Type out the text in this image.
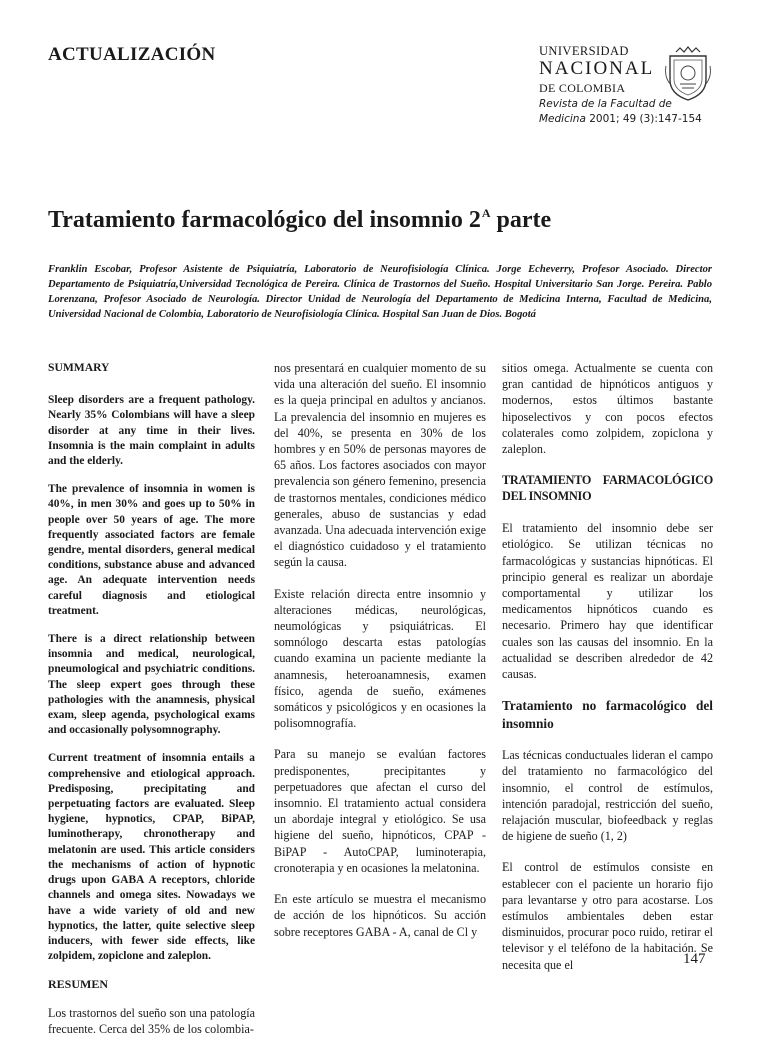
ACTUALIZACIÓN	UNIVERSIDAD
NACIONAL
DE COLOMBIA
Revista de la Facultad de
Medicina 2001; 49 (3):147-154
Tratamiento farmacológico del insomnio $2^A$ parte
Franklin Escobar, Profesor Asistente de Psiquiatría, Laboratorio de Neurofisiología Clínica. Jorge Echeverry, Profesor Asociado. Director Departamento de Psiquiatría,Universidad Tecnológica de Pereira. Clínica de Trastornos del Sueño. Hospital Universitario San Jorge. Pereira. Pablo Lorenzana, Profesor Asociado de Neurología. Director Unidad de Neurología del Departamento de Medicina Interna, Facultad de Medicina, Universidad Nacional de Colombia, Laboratorio de Neurofisiología Clínica. Hospital San Juan de Dios. Bogotá
SUMMARY

Sleep disorders are a frequent pathology. Nearly 35% Colombians will have a sleep disorder at any time in their lives. Insomnia is the main complaint in adults and the elderly.

The prevalence of insomnia in women is 40%, in men 30% and goes up to 50% in people over 50 years of age. The more frequently associated factors are female gendre, mental disorders, general medical conditions, substance abuse and advanced age. An adequate intervention needs careful diagnosis and etiological treatment.

There is a direct relationship between insomnia and medical, neurological, pneumological and psychiatric conditions. The sleep expert goes through these pathologies with the anamnesis, physical exam, sleep agenda, psychological exams and occasionally polysomnography.

Current treatment of insomnia entails a comprehensive and etiological approach. Predisposing, precipitating and perpetuating factors are evaluated. Sleep hygiene, hypnotics, CPAP, BiPAP, luminotherapy, chronotherapy and melatonin are used. This article considers the mechanisms of action of hypnotic drugs upon GABA A receptors, chloride channels and omega sites. Nowadays we have a wide variety of old and new hypnotics, the latter, quite selective sleep inducers, with fewer side effects, like zolpidem, zopiclone and zaleplon.

RESUMEN

Los trastornos del sueño son una patología frecuente. Cerca del 35% de los colombia-

nos presentará en cualquier momento de su vida una alteración del sueño. El insomnio es la queja principal en adultos y ancianos. La prevalencia del insomnio en mujeres es del 40%, se presenta en 30% de los hombres y en 50% de personas mayores de 65 años. Los factores asociados con mayor prevalencia son género femenino, presencia de trastornos mentales, condiciones médico generales, abuso de sustancias y edad avanzada. Una adecuada intervención exige el diagnóstico cuidadoso y el tratamiento según la causa.

Existe relación directa entre insomnio y alteraciones médicas, neurológicas, neumológicas y psiquiátricas. El somnólogo descarta estas patologías cuando examina un paciente mediante la anamnesis, heteroanamnesis, examen físico, agenda de sueño, exámenes somáticos y psicológicos y en ocasiones la polisomnografía.

Para su manejo se evalúan factores predisponentes, precipitantes y perpetuadores que afectan el curso del insomnio. El tratamiento actual considera un abordaje integral y etiológico. Se usa higiene del sueño, hipnóticos, CPAP - BiPAP - AutoCPAP, luminoterapia, cronoterapia y en ocasiones la melatonina.

En este artículo se muestra el mecanismo de acción de los hipnóticos. Su acción sobre receptores GABA - A, canal de Cl y

sitios omega. Actualmente se cuenta con gran cantidad de hipnóticos antiguos y modernos, estos últimos bastante hiposelectivos y con pocos efectos colaterales como zolpidem, zopiclona y zaleplon.

TRATAMIENTO FARMACOLÓGICO DEL INSOMNIO

El tratamiento del insomnio debe ser etiológico. Se utilizan técnicas no farmacológicas y sustancias hipnóticas. El principio general es realizar un abordaje comportamental y utilizar los medicamentos hipnóticos cuando es necesario. Primero hay que identificar cuales son las causas del insomnio. En la actualidad se describen alrededor de 42 causas.

Tratamiento no farmacológico del insomnio

Las técnicas conductuales lideran el campo del tratamiento no farmacológico del insomnio, el control de estímulos, intención paradojal, restricción del sueño, relajación muscular, biofeedback y reglas de higiene de sueño (1, 2)

El control de estímulos consiste en establecer con el paciente un horario fijo para levantarse y otro para acostarse. Los estímulos ambientales deben estar disminuidos, procurar poco ruido, retirar el televisor y el teléfono de la habitación. Se necesita que el	147
